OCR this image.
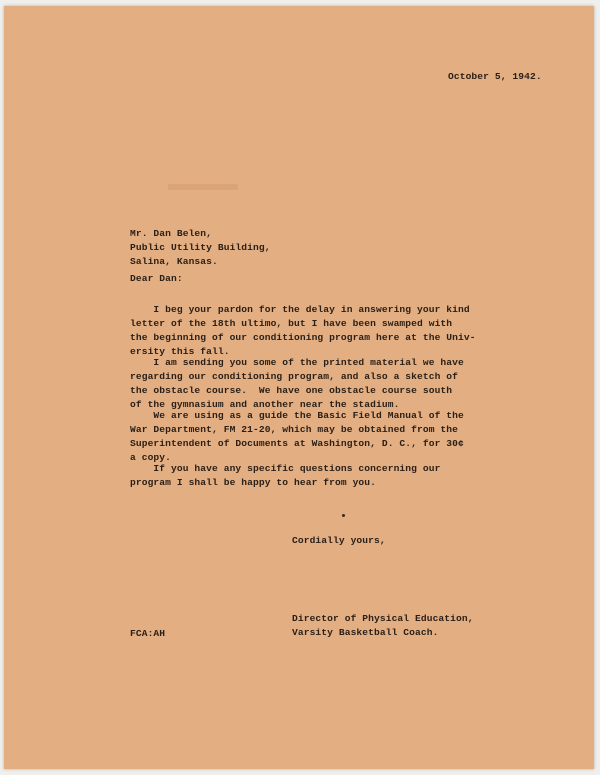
October 5, 1942.

Mr. Dan Belen,
Public Utility Building,
Salina, Kansas.

Dear Dan:

I beg your pardon for the delay in answering your kind
letter of the 18th ultimo, but I have been swamped with
the beginning of our conditioning program here at the Univ-
ersity this fall.
I am sending you some of the printed material we have
regarding our conditioning program, and also a sketch of
the obstacle course.  We have one obstacle course south
of the gymnasium and another near the stadium.
We are using as a guide the Basic Field Manual of the
War Department, FM 21-20, which may be obtained from the
Superintendent of Documents at Washington, D. C., for 30¢
a copy.
If you have any specific questions concerning our
program I shall be happy to hear from you.

Cordially yours,

Director of Physical Education,
Varsity Basketball Coach.

FCA:AH
